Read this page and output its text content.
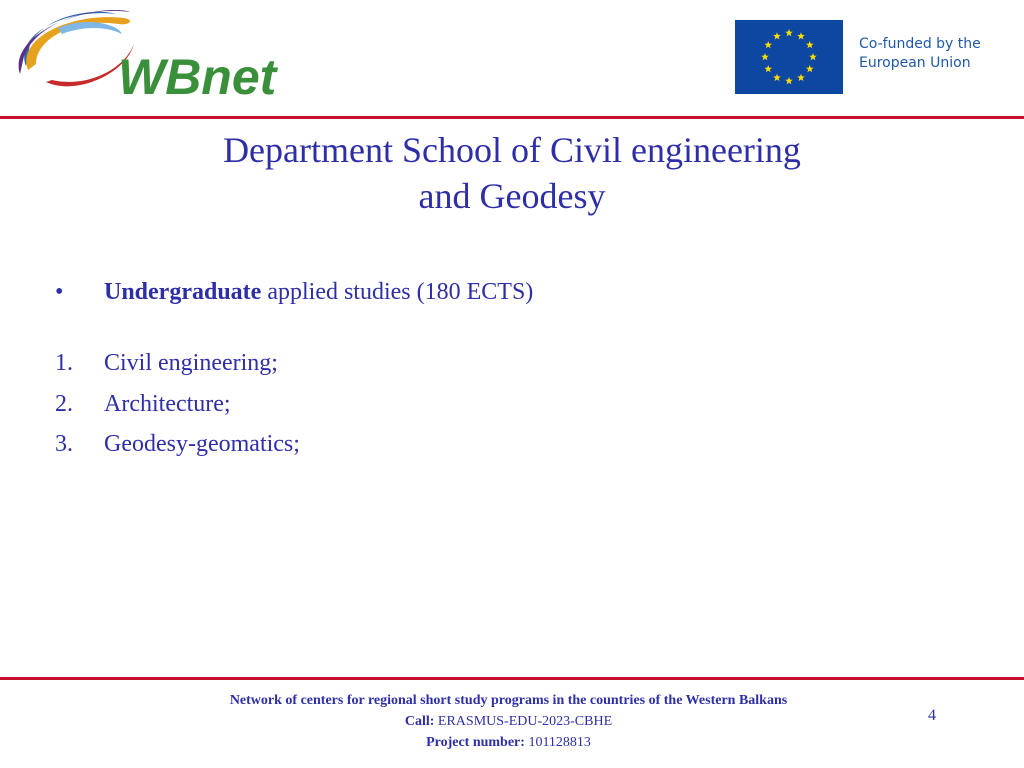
WBnet
Co-funded by the
European Union
Department School of Civil engineering
and Geodesy
•	Undergraduate applied studies (180 ECTS)
1. Civil engineering;
2. Architecture;
3. Geodesy-geomatics;
Network of centers for regional short study programs in the countries of the Western Balkans
Call: ERASMUS-EDU-2023-CBHE
Project number: 101128813
4
